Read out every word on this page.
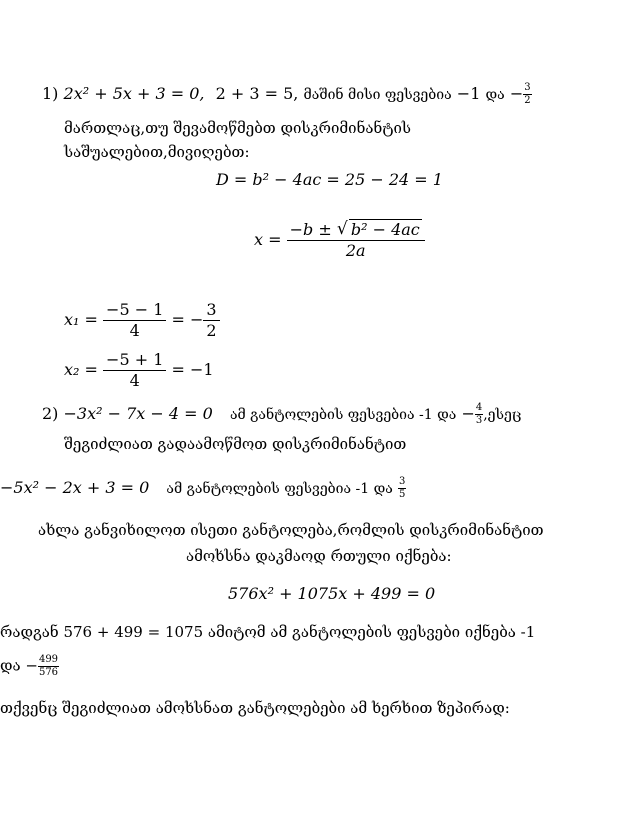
1) 2x² + 5x + 3 = 0, 2 + 3 = 5, მაშინ მისი ფესვებია −1 და − $\frac{3}{2}$
მართლაც,თუ შევამოწმებთ დისკრიმინანტის
საშუალებით,მივიღებთ:
D = b² − 4ac = 25 − 24 = 1
$x = \frac{\text{−b ± √ b² − 4ac}}{2a}$
$x_1 = \frac{-5 - 1}{4}$ = − $\frac{3}{2}$
$x_2 = \frac{-5 + 1}{4} = -1$
2) −3x² − 7x − 4 = 0 ამ განტოლების ფესვებია -1 და − $\frac{4}{3}$ ,ესეც
შეგიძლიათ გადაამოწმოთ დისკრიმინანტით
−5x² − 2x + 3 = 0 ამ განტოლების ფესვებია -1 და $\frac{3}{5}$
ახლა განვიხილოთ ისეთი განტოლება,რომლის დისკრიმინანტით
ამოხსნა დაკმაოდ რთული იქნება:
576x² + 1075x + 499 = 0
რადგან 576 + 499 = 1075 ამიტომ ამ განტოლების ფესვები იქნება -1
და − $\frac{499}{576}$
თქვენც შეგიძლიათ ამოხსნათ განტოლებები ამ ხერხით ზეპირად:
